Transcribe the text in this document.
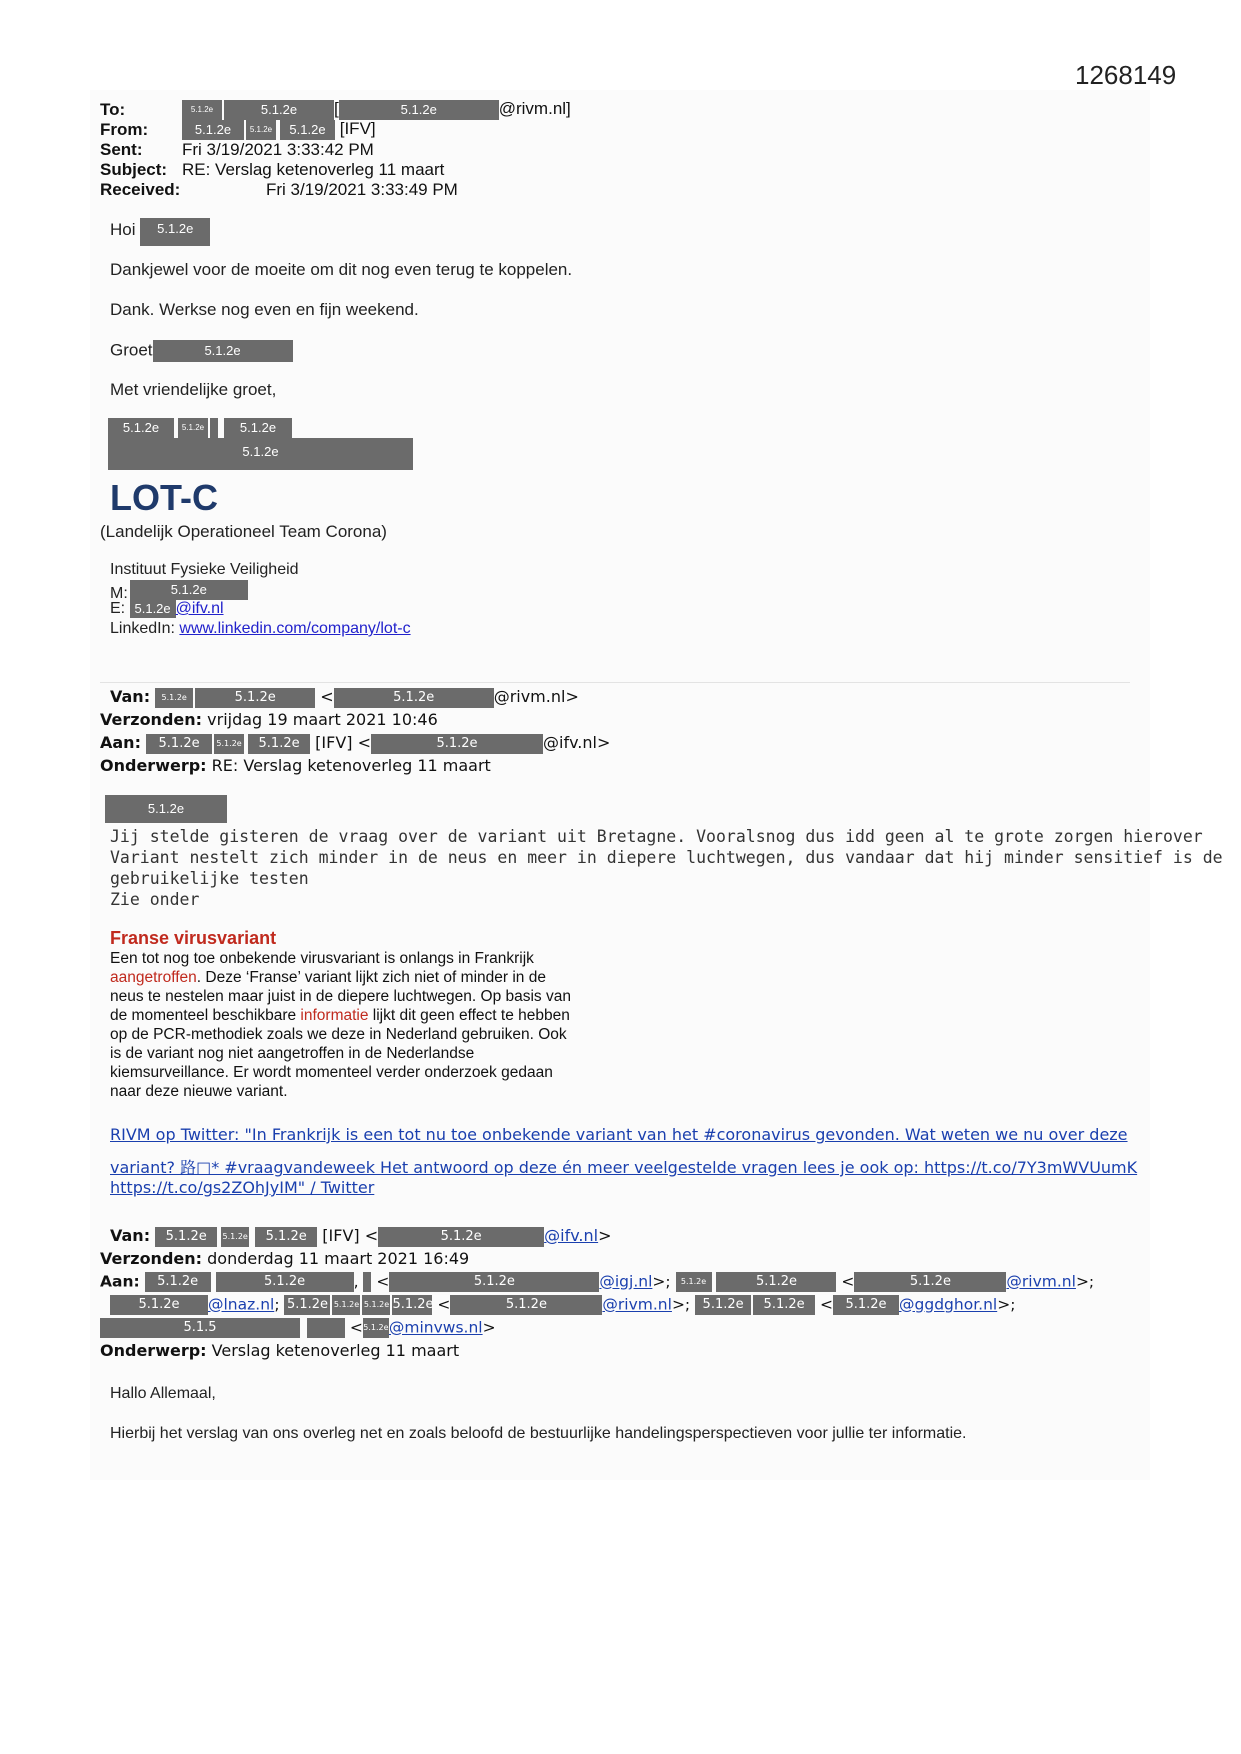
1268149
To:	5.1.2e	5.1.2e [	5.1.2e	@rivm.nl]
From:	5.1.2e 5.1.2e 5.1.2e [IFV]
Sent: Fri 3/19/2021 3:33:42 PM
Subject: RE: Verslag ketenoverleg 11 maart
Received:	Fri 3/19/2021 3:33:49 PM
Hoi 5.1.2e
Dankjewel voor de moeite om dit nog even terug te koppelen.
Dank. Werkse nog even en fijn weekend.
Groet	5.1.2e
Met vriendelijke groet,
5.1.2e	5.1.2e	5.1.2e
5.1.2e
LOT-C
(Landelijk Operationeel Team Corona)
Instituut Fysieke Veiligheid
M:	5.1.2e
E: 5.1.2e @ifv.nl
LinkedIn: www.linkedin.com/company/lot-c
Van: 5.1.2e	5.1.2e	<	5.1.2e	@rivm.nl>
Verzonden: vrijdag 19 maart 2021 10:46
Aan: 5.1.2e 5.1.2e 5.1.2e [IFV] <	5.1.2e	@ifv.nl>
Onderwerp: RE: Verslag ketenoverleg 11 maart
5.1.2e
Jij stelde gisteren de vraag over de variant uit Bretagne. Vooralsnog dus idd geen al te grote zorgen hierover
Variant nestelt zich minder in de neus en meer in diepere luchtwegen, dus vandaar dat hij minder sensitief is de
gebruikelijke testen
Zie onder
Franse virusvariant
Een tot nog toe onbekende virusvariant is onlangs in Frankrijk aangetroffen. Deze ‘Franse’ variant lijkt zich niet of minder in de neus te nestelen maar juist in de diepere luchtwegen. Op basis van de momenteel beschikbare informatie lijkt dit geen effect te hebben op de PCR-methodiek zoals we deze in Nederland gebruiken. Ook is de variant nog niet aangetroffen in de Nederlandse kiemsurveillance. Er wordt momenteel verder onderzoek gedaan naar deze nieuwe variant.
RIVM op Twitter: "In Frankrijk is een tot nu toe onbekende variant van het #coronavirus gevonden. Wat weten we nu over deze
variant? 路□* #vraagvandeweek Het antwoord op deze én meer veelgestelde vragen lees je ook op: https://t.co/7Y3mWVUumK
https://t.co/gs2ZOhJyIM" / Twitter
Van: 5.1.2e 5.1.2e 5.1.2e [IFV] <	5.1.2e	@ifv.nl>
Verzonden: donderdag 11 maart 2021 16:49
Aan: 5.1.2e	5.1.2e	,  <	5.1.2e	@igj.nl>; 5.1.2e	5.1.2e	<	5.1.2e	@rivm.nl>;
5.1.2e @lnaz.nl; 5.1.2e 5.1.2e 5.1.2e 5.1.2e <	5.1.2e	@rivm.nl>; 5.1.2e 5.1.2e < 5.1.2e @ggdghor.nl>;
5.1.5	<5.1.2e@minvws.nl>
Onderwerp: Verslag ketenoverleg 11 maart
Hallo Allemaal,
Hierbij het verslag van ons overleg net en zoals beloofd de bestuurlijke handelingsperspectieven voor jullie ter informatie.
